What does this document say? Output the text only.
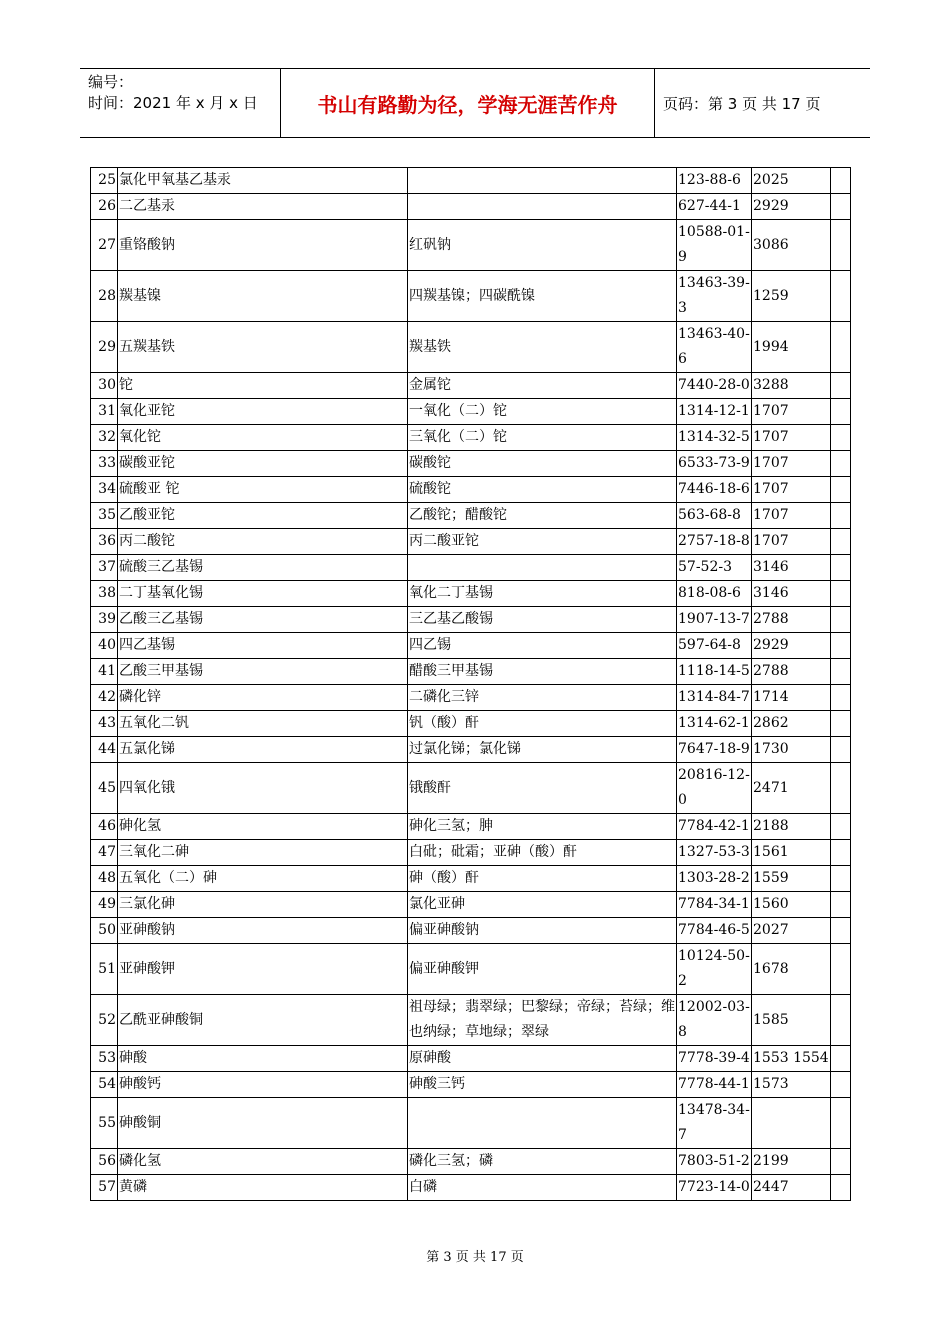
编号：
时间：2021 年 x 月 x 日	书山有路勤为径，学海无涯苦作舟	页码：第 3 页 共 17 页
25	氯化甲氧基乙基汞		123-88-6	2025	
26	二乙基汞		627-44-1	2929	
27	重铬酸钠	红矾钠	10588-01-9	3086	
28	羰基镍	四羰基镍；四碳酰镍	13463-39-3	1259	
29	五羰基铁	羰基铁	13463-40-6	1994	
30	铊	金属铊	7440-28-0	3288	
31	氧化亚铊	一氧化（二）铊	1314-12-1	1707	
32	氧化铊	三氧化（二）铊	1314-32-5	1707	
33	碳酸亚铊	碳酸铊	6533-73-9	1707	
34	硫酸亚 铊	硫酸铊	7446-18-6	1707	
35	乙酸亚铊	乙酸铊；醋酸铊	563-68-8	1707	
36	丙二酸铊	丙二酸亚铊	2757-18-8	1707	
37	硫酸三乙基锡		57-52-3	3146	
38	二丁基氧化锡	氧化二丁基锡	818-08-6	3146	
39	乙酸三乙基锡	三乙基乙酸锡	1907-13-7	2788	
40	四乙基锡	四乙锡	597-64-8	2929	
41	乙酸三甲基锡	醋酸三甲基锡	1118-14-5	2788	
42	磷化锌	二磷化三锌	1314-84-7	1714	
43	五氧化二钒	钒（酸）酐	1314-62-1	2862	
44	五氯化锑	过氯化锑；氯化锑	7647-18-9	1730	
45	四氧化锇	锇酸酐	20816-12-0	2471	
46	砷化氢	砷化三氢；胂	7784-42-1	2188	
47	三氧化二砷	白砒；砒霜；亚砷（酸）酐	1327-53-3	1561	
48	五氧化（二）砷	砷（酸）酐	1303-28-2	1559	
49	三氯化砷	氯化亚砷	7784-34-1	1560	
50	亚砷酸钠	偏亚砷酸钠	7784-46-5	2027	
51	亚砷酸钾	偏亚砷酸钾	10124-50-2	1678	
52	乙酰亚砷酸铜	祖母绿；翡翠绿；巴黎绿；帝绿；苔绿；维也纳绿；草地绿；翠绿	12002-03-8	1585	
53	砷酸	原砷酸	7778-39-4	1553 1554	
54	砷酸钙	砷酸三钙	7778-44-1	1573	
55	砷酸铜		13478-34-7		
56	磷化氢	磷化三氢；磷	7803-51-2	2199	
57	黄磷	白磷	7723-14-0	2447	
第 3 页 共 17 页
